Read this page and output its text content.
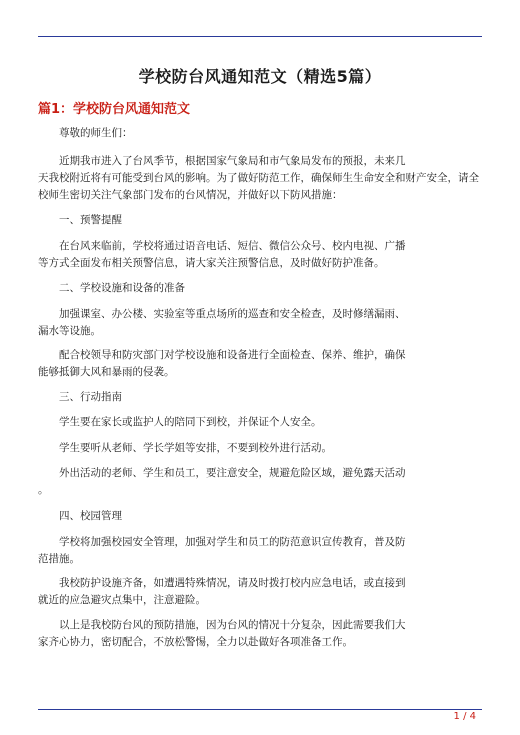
学校防台风通知范文（精选5篇）
篇1：学校防台风通知范文
尊敬的师生们：
近期我市进入了台风季节，根据国家气象局和市气象局发布的预报，未来几
天我校附近将有可能受到台风的影响。为了做好防范工作，确保师生生命安全和财产安全，请全
校师生密切关注气象部门发布的台风情况，并做好以下防风措施：
一、预警提醒
在台风来临前，学校将通过语音电话、短信、微信公众号、校内电视、广播
等方式全面发布相关预警信息，请大家关注预警信息，及时做好防护准备。
二、学校设施和设备的准备
加强课室、办公楼、实验室等重点场所的巡查和安全检查，及时修缮漏雨、
漏水等设施。
配合校领导和防灾部门对学校设施和设备进行全面检查、保养、维护，确保
能够抵御大风和暴雨的侵袭。
三、行动指南
学生要在家长或监护人的陪同下到校，并保证个人安全。
学生要听从老师、学长学姐等安排，不要到校外进行活动。
外出活动的老师、学生和员工，要注意安全，规避危险区域，避免露天活动
。
四、校园管理
学校将加强校园安全管理，加强对学生和员工的防范意识宣传教育，普及防
范措施。
我校防护设施齐备，如遭遇特殊情况，请及时拨打校内应急电话，或直接到
就近的应急避灾点集中，注意避险。
以上是我校防台风的预防措施，因为台风的情况十分复杂，因此需要我们大
家齐心协力，密切配合，不放松警惕，全力以赴做好各项准备工作。
1 / 4
